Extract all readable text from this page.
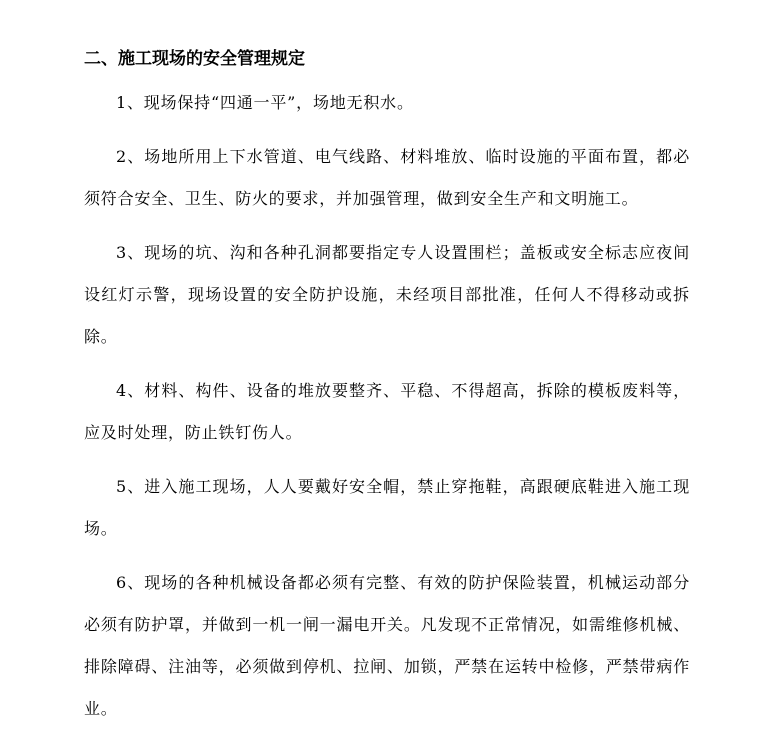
二、施工现场的安全管理规定

1、现场保持“四通一平”，场地无积水。

2、场地所用上下水管道、电气线路、材料堆放、临时设施的平面布置，都必须符合安全、卫生、防火的要求，并加强管理，做到安全生产和文明施工。

3、现场的坑、沟和各种孔洞都要指定专人设置围栏；盖板或安全标志应夜间设红灯示警，现场设置的安全防护设施，未经项目部批准，任何人不得移动或拆除。

4、材料、构件、设备的堆放要整齐、平稳、不得超高，拆除的模板废料等，应及时处理，防止铁钉伤人。

5、进入施工现场，人人要戴好安全帽，禁止穿拖鞋，高跟硬底鞋进入施工现场。

6、现场的各种机械设备都必须有完整、有效的防护保险装置，机械运动部分必须有防护罩，并做到一机一闸一漏电开关。凡发现不正常情况，如需维修机械、排除障碍、注油等，必须做到停机、拉闸、加锁，严禁在运转中检修，严禁带病作业。
